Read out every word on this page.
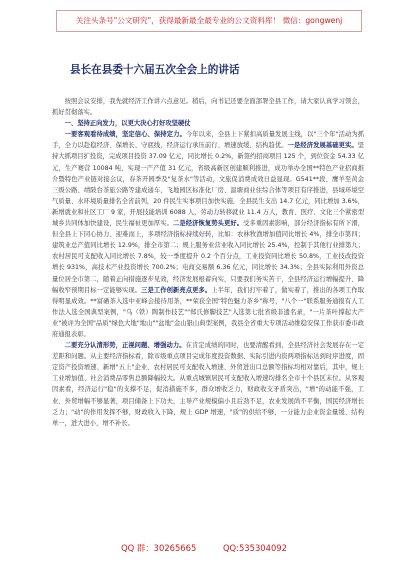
关注头条号"公文研究"，获得最新最全最专业的公文资料库！ 微信：gongwenj
县长在县委十六届五次全会上的讲话

按照会议安排，我先就经济工作讲六点意见。稍后，向书记还要全面部署全县工作，请大家认真学习领会，抓好贯彻落实。

一、坚持正向发力，以更大决心打好攻坚硬仗

一要客观看待成绩，坚定信心、保持定力。今年以来，全县上下紧扣高质量发展主线，以"三个年"活动为抓手，全力以赴稳经济、保增长、守底线，经济运行承压前行、增速放缓、结构趋优。一是经济发展基础更实。坚持大抓项目扩投资，完成项目投资 37.09 亿元，同比增长 0.2%，新签约招商项目 125 个，到位资金 54.33 亿元，生产赛营 10084 吨，实现一产产值 31 亿元，省级高新区创建顺利推进，成功举办全国**特色产业招商推介暨特色产业链对接会议，春茶开园季及"复茶水"等活动，文旅促消费成效日益显现。G541**段、鹰羊至黄金三级公路、靖陂台茶旅公路等建成通车，飞地园区标准化厂房、温塘商业住综合体等项目有序推进，县域环境空气质量、水环境质量排名全省前列，20 件民生实事项目加快实施，全县民生支出 14.7 亿元，同比增加 3.6%，新增就业和社区工厂 9 家，开展技能培训 6088 人，劳动力转移就业 11.4 万人，教育、医疗、文化三个紧密型城乡共同体加快建设，民生福祉更加厚实。二是经济恢复势头更好。受多重因素影响，部分经济指标有所下滑，但全县上下同心协力、迎难而上，多项经济指标持续好转，比如：农林牧渔增加值同比增长 4%，排全市第四；建筑业总产值同比增长 12.9%，排全市第二；规上服务业营业收入同比增长 25.4%，控制于其他行业排第九；农村居民可支配收入同比增长 7.8%，较一季度提升 0.2 个百分点，工业投资同比增长 50.8%，工业技改投资增长 931%，高技术产业投资增长 700.2%；电商交易额 6.36 亿元，同比增长 34.3%；全县实际利用外资总量位居全市第二，随着正向措施逐步见效，经济发展根蓄向实，只要我们务实苦干，全县经济运行增幅提升、降幅收窄预期目标一定能够实现。三是工作创新亮点更多。上半年，我们打牢着了，做实着了，推出的各项工作取得明显成效。**富硒茶入选中亚峰会接待用茶，**荣获全国"特色魅力茶乡"称号，"八个一"联系服务通报有人工作法入选全国典型案例，"乌（铁）陶制作技艺""郑氏修脚技艺"入选第七批省级非遗名录，"一片茶叶撑起大产业"被评为全国"品质"绿色大地"地山""盆地"金山银山典型案例，我县全省重大专项活动维稳安保工作获市委市政府通报表彰。

二要充分认清形势，正视问题、增强动力。在肯定成绩的同时，也要清醒看到，全县经济社会发展存在一定差距和问题。从主要经济指标看，除市级重点项目完成年度投资数据、实际引进内资两项指标达到时序进度，固定资产投资增速、新增"五上"企业、农村居民可支配收入增速、外贸进出口总额等指标均相对靠后，其中，规上工业增加值、社会消费品零售总额降幅较大。从重点城镇居民可支配收入增速均排名全市十个县区末位。从客观因素看，经济运行"稳"的支撑不足，促消措施不多，群众增收乏力，财政收支矛盾突出，"增"的动能不强，工业、外贸增幅不够显著，项目储备上下功夫，主导产业规模偏小且后劲不足，农业发展尚不平衡，国民经济增长乏力；"动"的作用发挥不够，财政收入下降，规上 GDP 增速，"质"的供给不够，一分能力企业资金量缓、结构单一，进大进小，增不补长。

QQ 群：30265665	QQ:535304092
